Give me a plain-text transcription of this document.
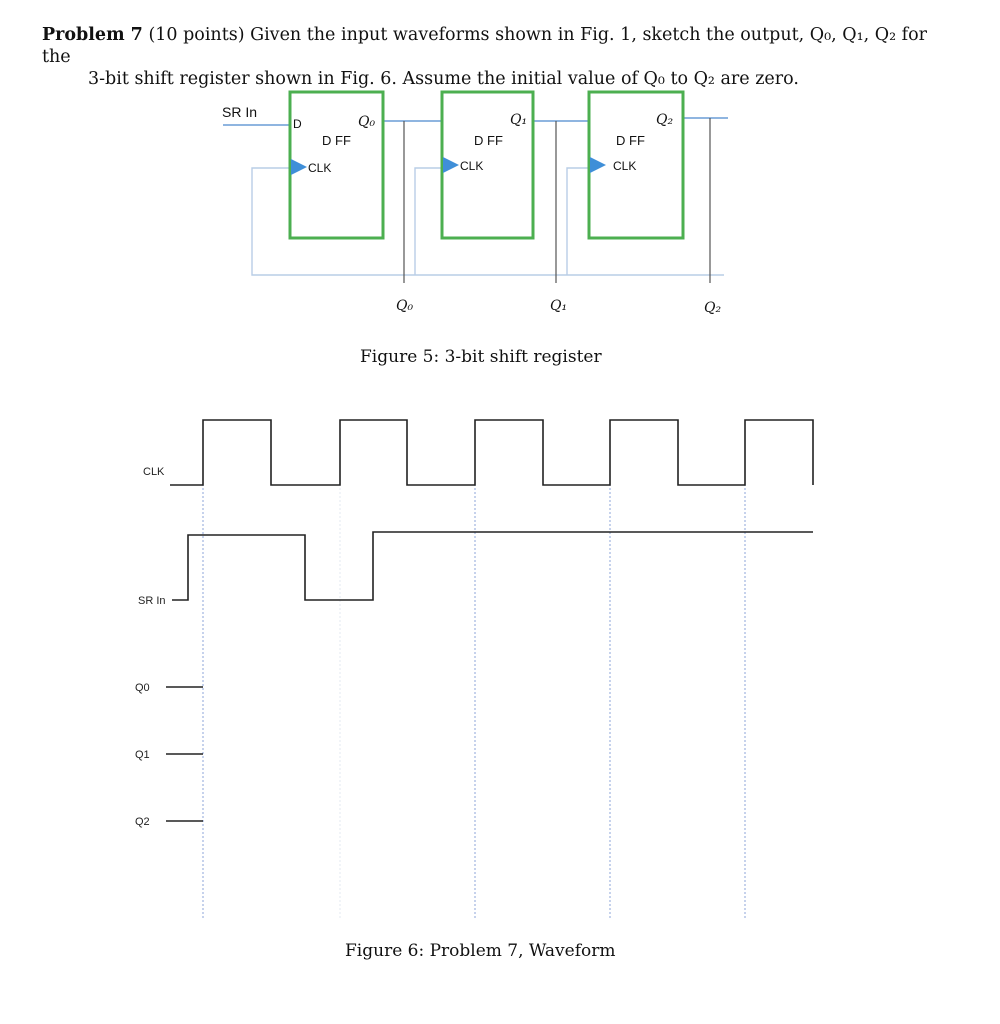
Problem 7 (10 points) Given the input waveforms shown in Fig. 1, sketch the output, Q₀, Q₁, Q₂ for the
3-bit shift register shown in Fig. 6. Assume the initial value of Q₀ to Q₂ are zero.
SR In
D	Q₀
D FF
CLK
Q₁
D FF
CLK
Q₂
D FF
CLK
Q₀	Q₁	Q₂
CLK
SR In
Q0
Q1
Q2
Figure 5: 3-bit shift register
Figure 6: Problem 7, Waveform
